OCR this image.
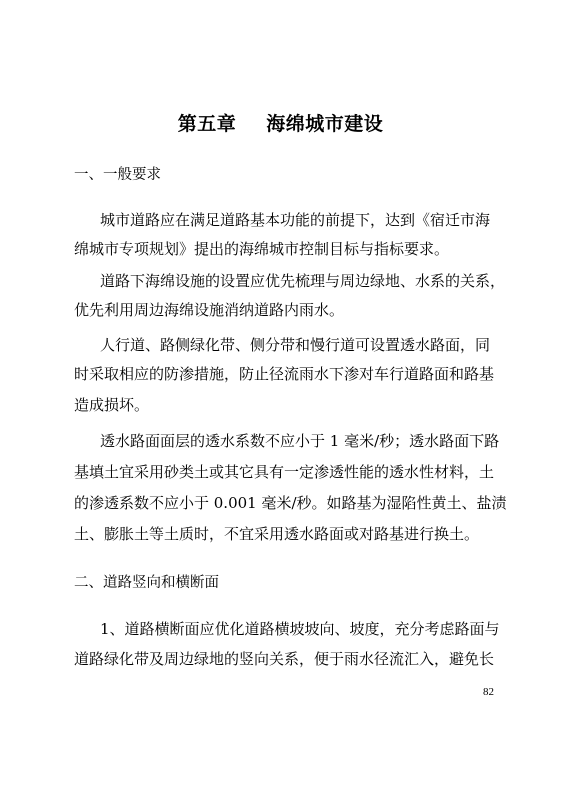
第五章 海绵城市建设
一、一般要求
城市道路应在满足道路基本功能的前提下，达到《宿迁市海
绵城市专项规划》提出的海绵城市控制目标与指标要求。
道路下海绵设施的设置应优先梳理与周边绿地、水系的关系，
优先利用周边海绵设施消纳道路内雨水。
人行道、路侧绿化带、侧分带和慢行道可设置透水路面，同
时采取相应的防渗措施，防止径流雨水下渗对车行道路面和路基
造成损坏。
透水路面面层的透水系数不应小于 1 毫米/秒；透水路面下路
基填土宜采用砂类土或其它具有一定渗透性能的透水性材料，土
的渗透系数不应小于 0.001 毫米/秒。如路基为湿陷性黄土、盐渍
土、膨胀土等土质时，不宜采用透水路面或对路基进行换土。
二、道路竖向和横断面
1、道路横断面应优化道路横坡坡向、坡度，充分考虑路面与
道路绿化带及周边绿地的竖向关系，便于雨水径流汇入，避免长
82
